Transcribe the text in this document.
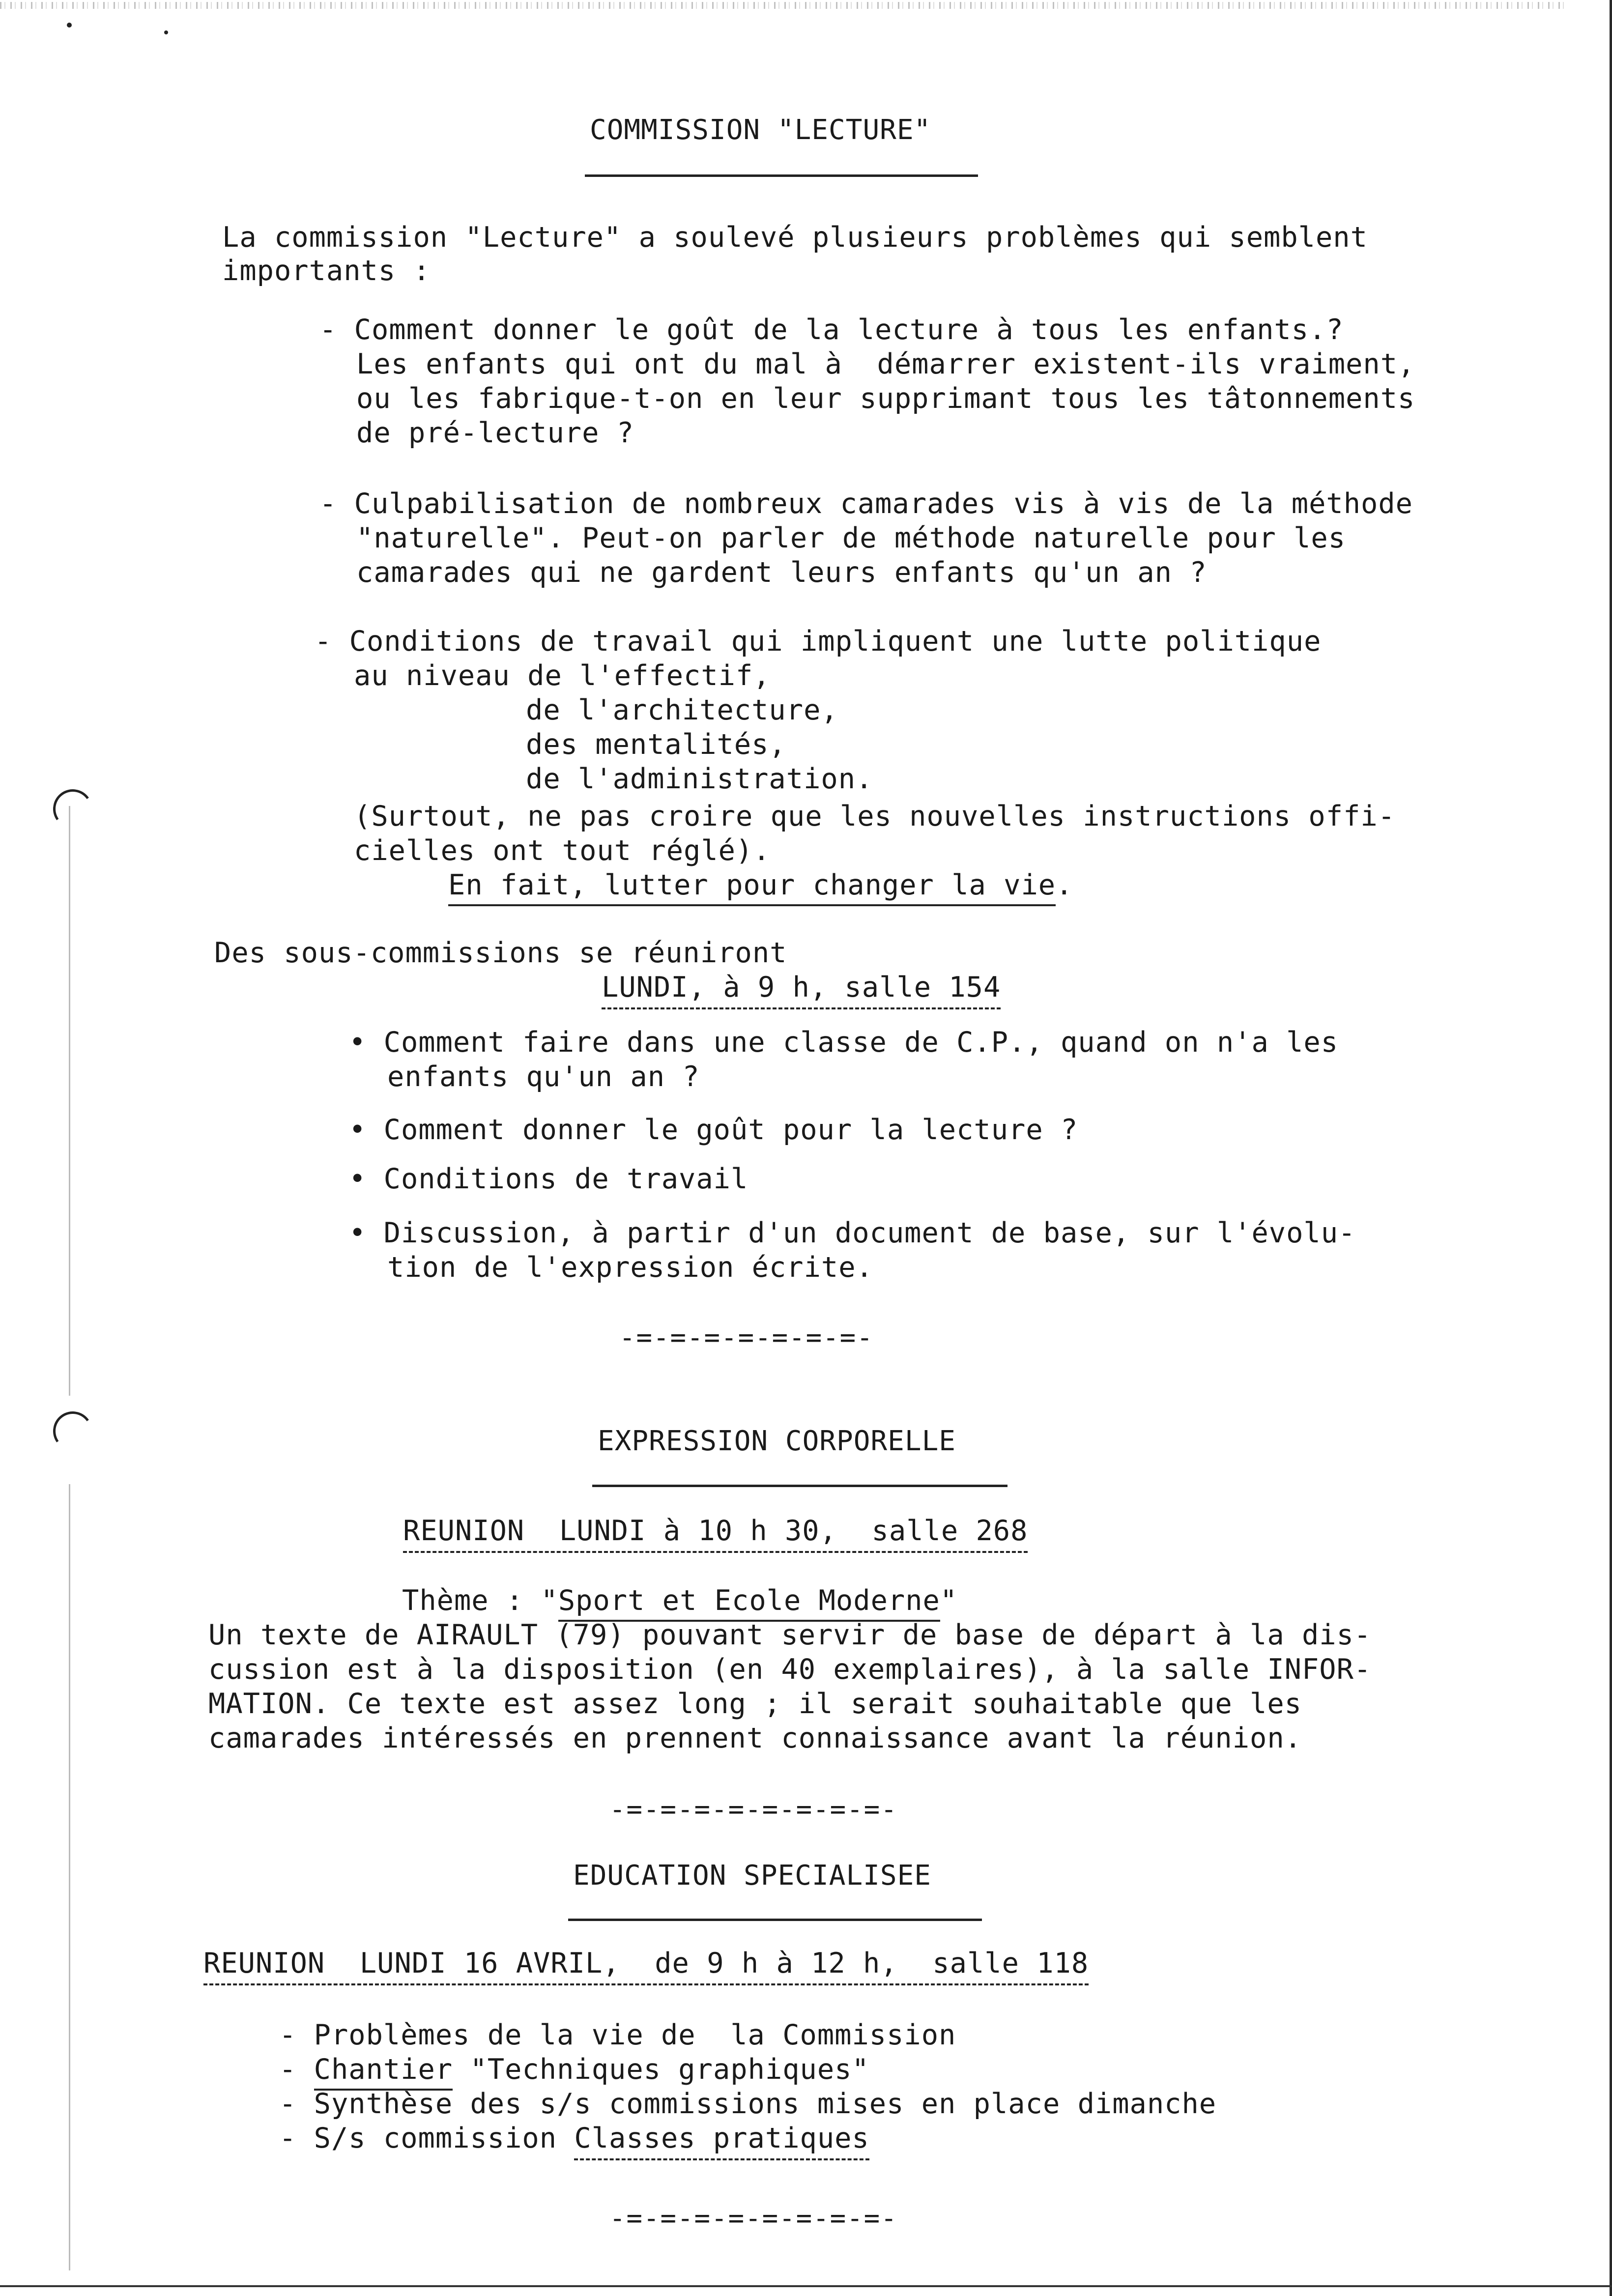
COMMISSION "LECTURE"
La commission "Lecture" a soulevé plusieurs problèmes qui semblent
importants :
- Comment donner le goût de la lecture à tous les enfants.?
Les enfants qui ont du mal à  démarrer existent-ils vraiment,
ou les fabrique-t-on en leur supprimant tous les tâtonnements
de pré-lecture ?
- Culpabilisation de nombreux camarades vis à vis de la méthode
"naturelle". Peut-on parler de méthode naturelle pour les
camarades qui ne gardent leurs enfants qu'un an ?
- Conditions de travail qui impliquent une lutte politique
au niveau de l'effectif,
de l'architecture,
des mentalités,
de l'administration.
(Surtout, ne pas croire que les nouvelles instructions offi-
cielles ont tout réglé).
En fait, lutter pour changer la vie.
Des sous-commissions se réuniront
LUNDI, à 9 h, salle 154
• Comment faire dans une classe de C.P., quand on n'a les
enfants qu'un an ?
• Comment donner le goût pour la lecture ?
• Conditions de travail
• Discussion, à partir d'un document de base, sur l'évolu-
tion de l'expression écrite.
-=-=-=-=-=-=-=-
EXPRESSION CORPORELLE
REUNION  LUNDI à 10 h 30,  salle 268
Thème : "Sport et Ecole Moderne"
Un texte de AIRAULT (79) pouvant servir de base de départ à la dis-
cussion est à la disposition (en 40 exemplaires), à la salle INFOR-
MATION. Ce texte est assez long ; il serait souhaitable que les
camarades intéressés en prennent connaissance avant la réunion.
-=-=-=-=-=-=-=-=-
EDUCATION SPECIALISEE
REUNION  LUNDI 16 AVRIL,  de 9 h à 12 h,  salle 118
- Problèmes de la vie de  la Commission
- Chantier "Techniques graphiques"
- Synthèse des s/s commissions mises en place dimanche
- S/s commission Classes pratiques
-=-=-=-=-=-=-=-=-
